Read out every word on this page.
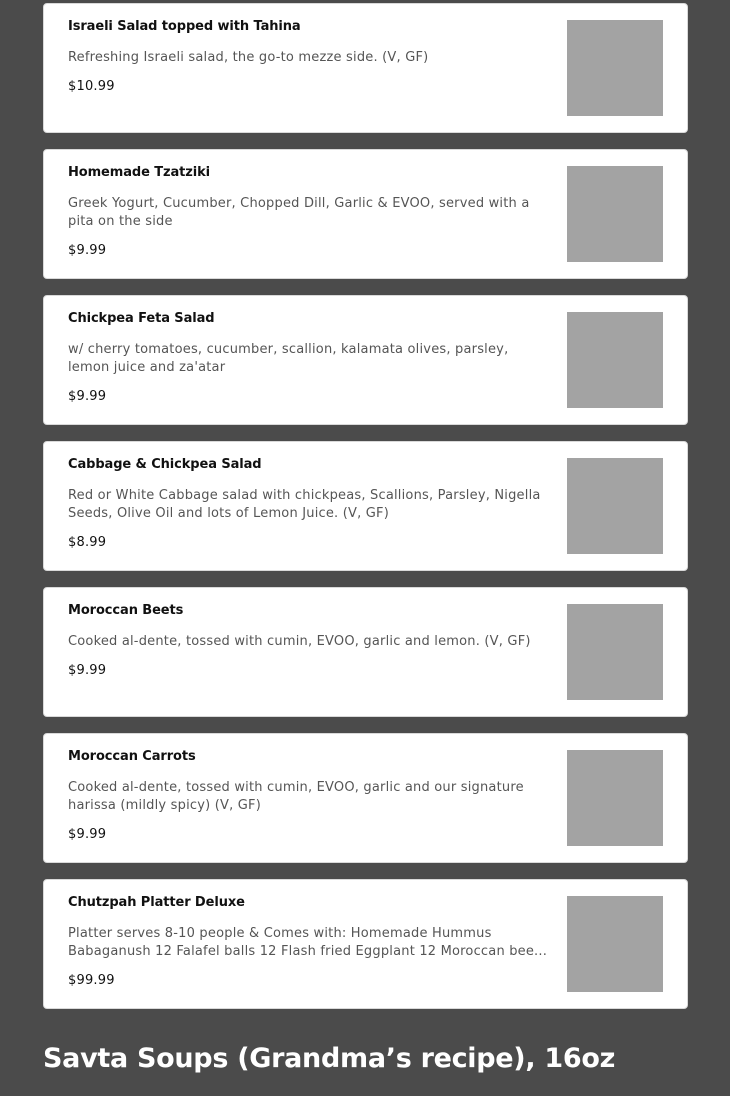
Israeli Salad topped with Tahina
Refreshing Israeli salad, the go-to mezze side. (V, GF)
$10.99
Homemade Tzatziki
Greek Yogurt, Cucumber, Chopped Dill, Garlic & EVOO, served with a pita on the side
$9.99
Chickpea Feta Salad
w/ cherry tomatoes, cucumber, scallion, kalamata olives, parsley, lemon juice and za'atar
$9.99
Cabbage & Chickpea Salad
Red or White Cabbage salad with chickpeas, Scallions, Parsley, Nigella Seeds, Olive Oil and lots of Lemon Juice. (V, GF)
$8.99
Moroccan Beets
Cooked al-dente, tossed with cumin, EVOO, garlic and lemon. (V, GF)
$9.99
Moroccan Carrots
Cooked al-dente, tossed with cumin, EVOO, garlic and our signature harissa (mildly spicy) (V, GF)
$9.99
Chutzpah Platter Deluxe
Platter serves 8-10 people & Comes with: Homemade Hummus Babaganush 12 Falafel balls 12 Flash fried Eggplant 12 Moroccan bee...
$99.99
Savta Soups (Grandma’s recipe), 16oz
